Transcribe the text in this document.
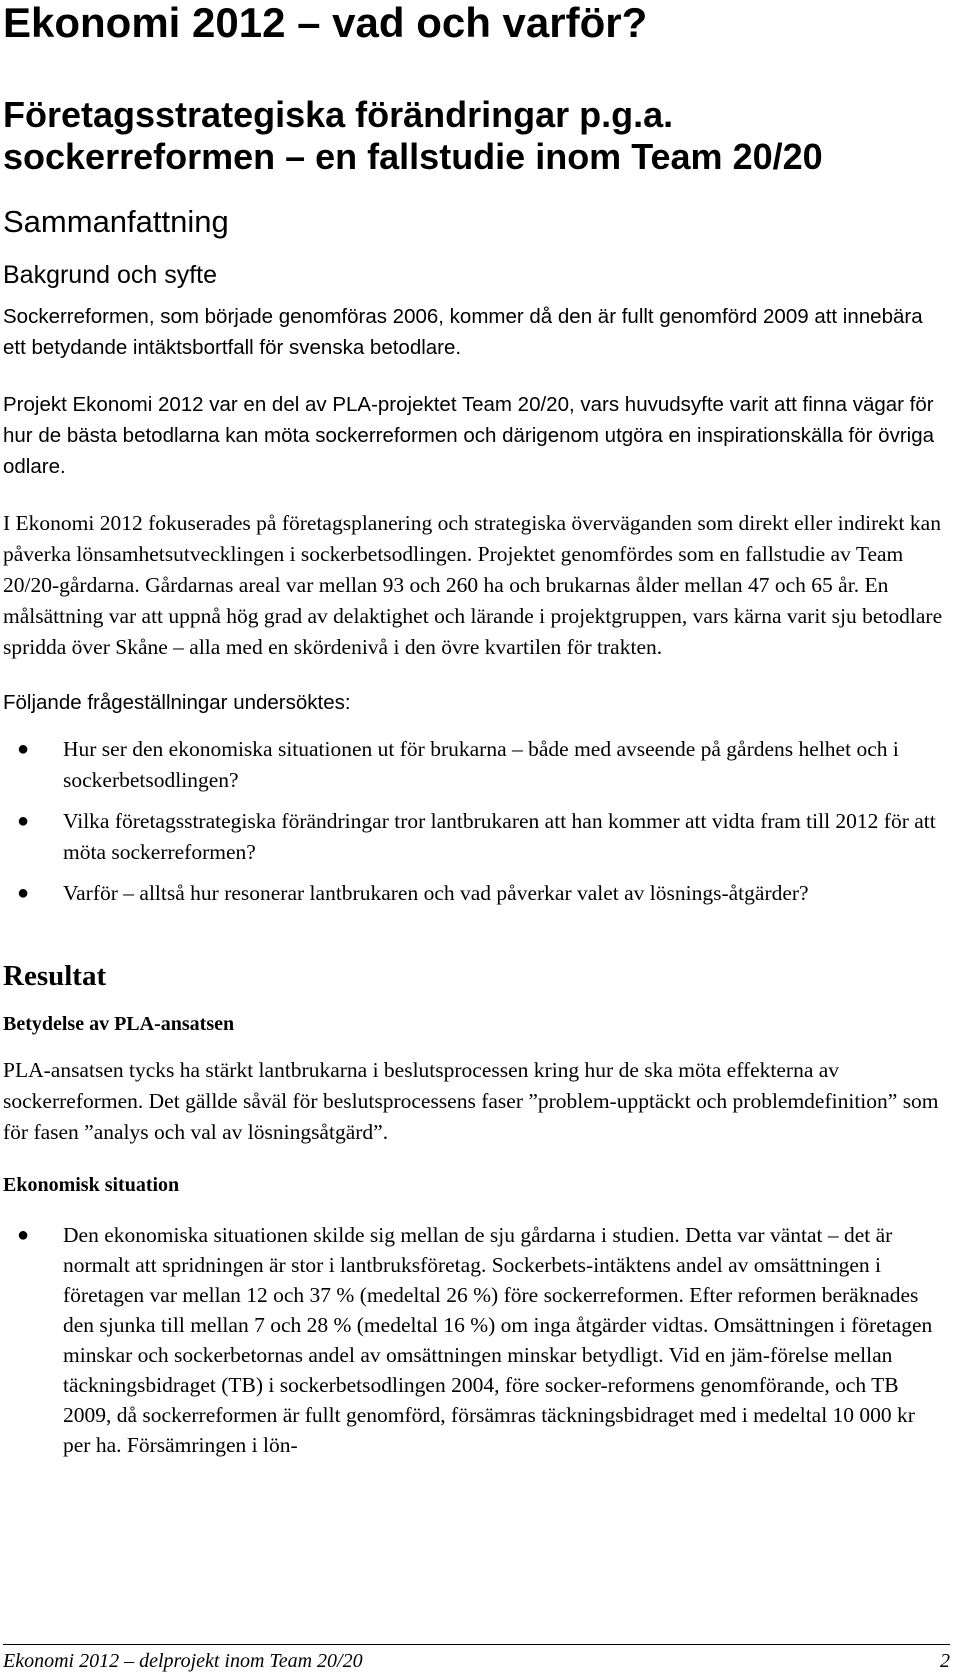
Ekonomi 2012 – vad och varför?
Företagsstrategiska förändringar p.g.a.
sockerreformen – en fallstudie inom Team 20/20
Sammanfattning
Bakgrund och syfte

Sockerreformen, som började genomföras 2006, kommer då den är fullt genomförd 2009 att innebära ett betydande intäktsbortfall för svenska betodlare.

Projekt Ekonomi 2012 var en del av PLA-projektet Team 20/20, vars huvudsyfte varit att finna vägar för hur de bästa betodlarna kan möta sockerreformen och därigenom utgöra en inspirationskälla för övriga odlare.

I Ekonomi 2012 fokuserades på företagsplanering och strategiska överväganden som direkt eller indirekt kan påverka lönsamhetsutvecklingen i sockerbetsodlingen. Projektet genomfördes som en fallstudie av Team 20/20-gårdarna. Gårdarnas areal var mellan 93 och 260 ha och brukarnas ålder mellan 47 och 65 år. En målsättning var att uppnå hög grad av delaktighet och lärande i projektgruppen, vars kärna varit sju betodlare spridda över Skåne – alla med en skördenivå i den övre kvartilen för trakten.

Följande frågeställningar undersöktes:

● Hur ser den ekonomiska situationen ut för brukarna – både med avseende på gårdens helhet och i sockerbetsodlingen?
● Vilka företagsstrategiska förändringar tror lantbrukaren att han kommer att vidta fram till 2012 för att möta sockerreformen?
● Varför – alltså hur resonerar lantbrukaren och vad påverkar valet av lösnings-åtgärder?
Resultat
Betydelse av PLA-ansatsen

PLA-ansatsen tycks ha stärkt lantbrukarna i beslutsprocessen kring hur de ska möta effekterna av sockerreformen. Det gällde såväl för beslutsprocessens faser ”problem-upptäckt och problemdefinition” som för fasen ”analys och val av lösningsåtgärd”.

Ekonomisk situation
● Den ekonomiska situationen skilde sig mellan de sju gårdarna i studien. Detta var väntat – det är normalt att spridningen är stor i lantbruksföretag. Sockerbets-intäktens andel av omsättningen i företagen var mellan 12 och 37 % (medeltal 26 %) före sockerreformen. Efter reformen beräknades den sjunka till mellan 7 och 28 % (medeltal 16 %) om inga åtgärder vidtas. Omsättningen i företagen minskar och sockerbetornas andel av omsättningen minskar betydligt. Vid en jäm-förelse mellan täckningsbidraget (TB) i sockerbetsodlingen 2004, före socker-reformens genomförande, och TB 2009, då sockerreformen är fullt genomförd, försämras täckningsbidraget med i medeltal 10 000 kr per ha. Försämringen i lön-
Ekonomi 2012 – delprojekt inom Team 20/20	2
